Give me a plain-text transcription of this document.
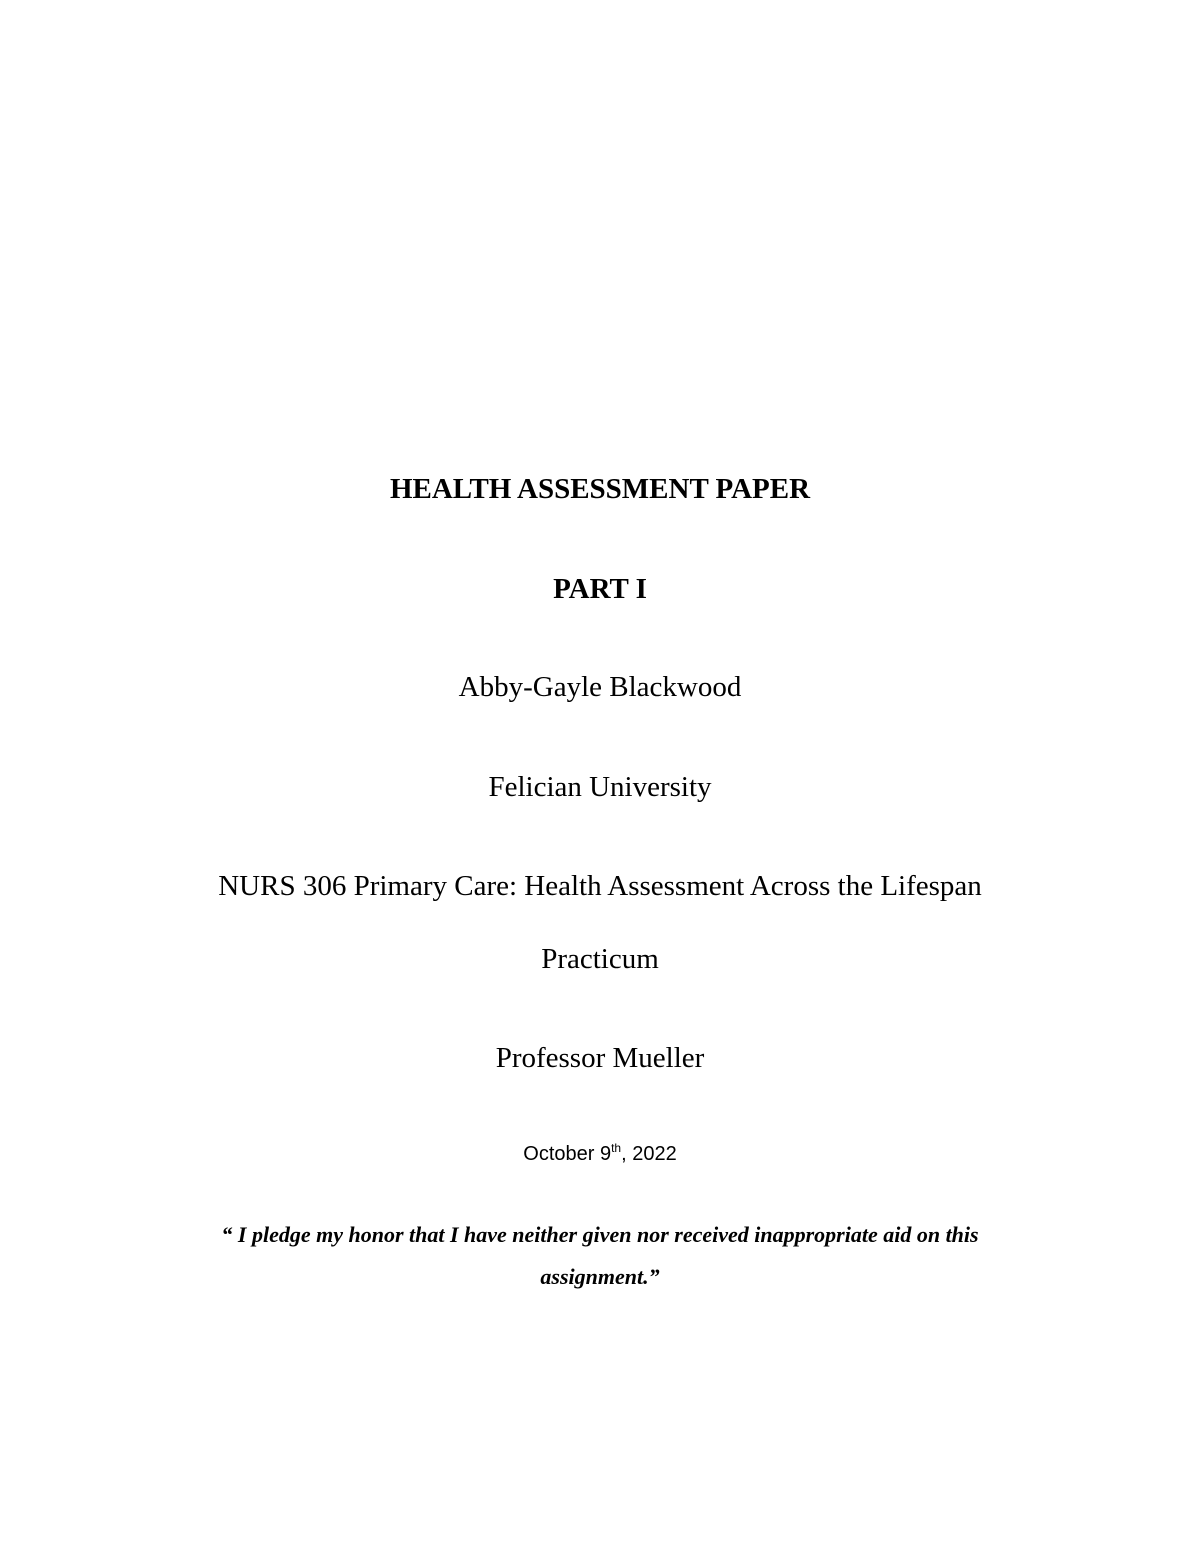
HEALTH ASSESSMENT PAPER
PART I
Abby-Gayle Blackwood
Felician University
NURS 306 Primary Care: Health Assessment Across the Lifespan
Practicum
Professor Mueller
October 9th, 2022
“ I pledge my honor that I have neither given nor received inappropriate aid on this
assignment.”
